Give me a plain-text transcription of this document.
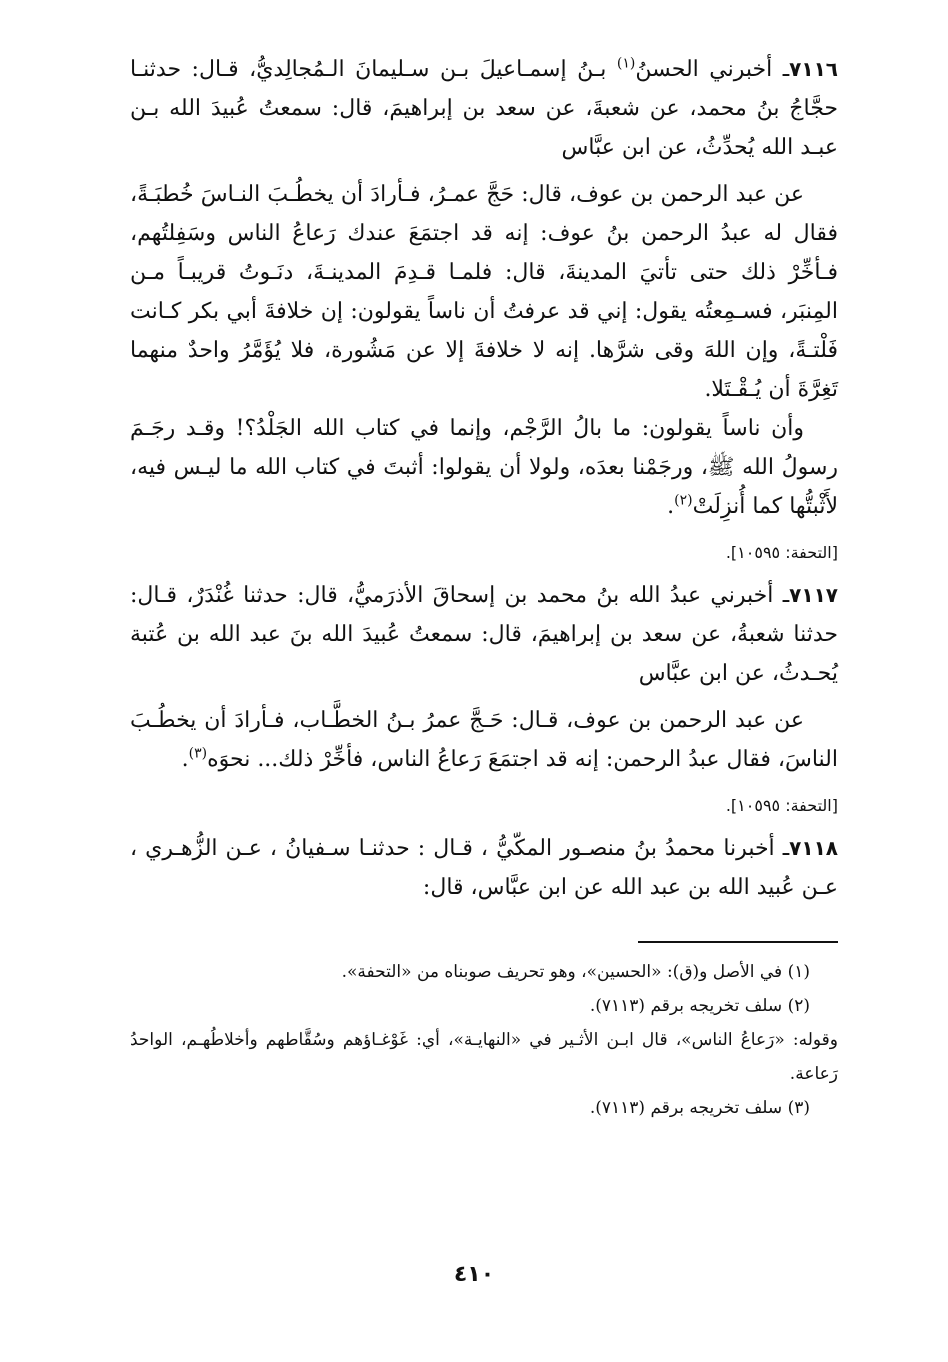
٧١١٦ـ أخبرني الحسنُ$^{(١)}$ بـنُ إسمـاعيلَ بـن سـليمانَ الـمُجالِديُّ، قـال: حدثنـا حجَّاجُ بنُ محمد، عن شعبةَ، عن سعد بن إبراهيمَ، قال: سمعتُ عُبيدَ الله بـن عبـد الله يُحدِّثُ، عن ابن عبَّاس

عن عبد الرحمن بن عوف، قال: حَجَّ عمـرُ، فـأرادَ أن يخطُـبَ النـاسَ خُطبَـةً، فقال له عبدُ الرحمن بنُ عوف: إنه قد اجتمَعَ عندك رَعاعُ الناس وسَفِلتُهم، فـأخِّرْ ذلك حتى تأتيَ المدينةَ، قال: فلمـا قـدِمَ المدينـةَ، دنَـوتُ قريبـاً مـن المِنبَر، فسـمِعتُه يقول: إني قد عرفتُ أن ناساً يقولون: إن خلافةَ أبي بكر كـانت فَلْتـةً، وإن اللهَ وقى شرَّها. إنه لا خلافةَ إلا عن مَشُورة، فلا يُؤَمَّرُ واحدٌ منهما تَغِرَّةَ أن يُـقْـتَلا.

وأن ناساً يقولون: ما بالُ الرَّجْم، وإنما في كتاب الله الجَلْدُ؟! وقـد رجَـمَ رسولُ الله ﷺ، ورجَمْنا بعدَه، ولولا أن يقولوا: أثبتَ في كتاب الله ما ليـس فيه، لأَثْبتُّها كما أُنزِلَتْ$^{(٢)}$.

[التحفة: ١٠٥٩٥].

٧١١٧ـ أخبرني عبدُ الله بنُ محمد بن إسحاقَ الأذرَميُّ، قال: حدثنا غُنْدَرٌ، قـال: حدثنا شعبةُ، عن سعد بن إبراهيمَ، قال: سمعتُ عُبيدَ الله بنَ عبد الله بن عُتبة يُحـدثُ، عن ابن عبَّاس

عن عبد الرحمن بن عوف، قـال: حَـجَّ عمرُ بـنُ الخطَّـاب، فـأرادَ أن يخطُـبَ الناسَ، فقال عبدُ الرحمن: إنه قد اجتمَعَ رَعاعُ الناس، فأخِّرْ ذلك... نحوَه$^{(٣)}$.

[التحفة: ١٠٥٩٥].

٧١١٨ـ أخبرنا محمدُ بنُ منصـور المكّيُّ ، قـال : حدثنـا سـفيانُ ، عـن الزُّهـري ، عـن عُبيد الله بن عبد الله عن ابن عبَّاس، قال:

(١) في الأصل و(ق): «الحسين»، وهو تحريف صوبناه من «التحفة».

(٢) سلف تخريجه برقم (٧١١٣).

وقوله: «رَعاعُ الناس»، قال ابـن الأثـير في «النهايـة»، أي: غَوْغـاؤهم وسُقَّاطهم وأخلاطُهـم، الواحدُ رَعاعة.

(٣) سلف تخريجه برقم (٧١١٣).

٤١٠
